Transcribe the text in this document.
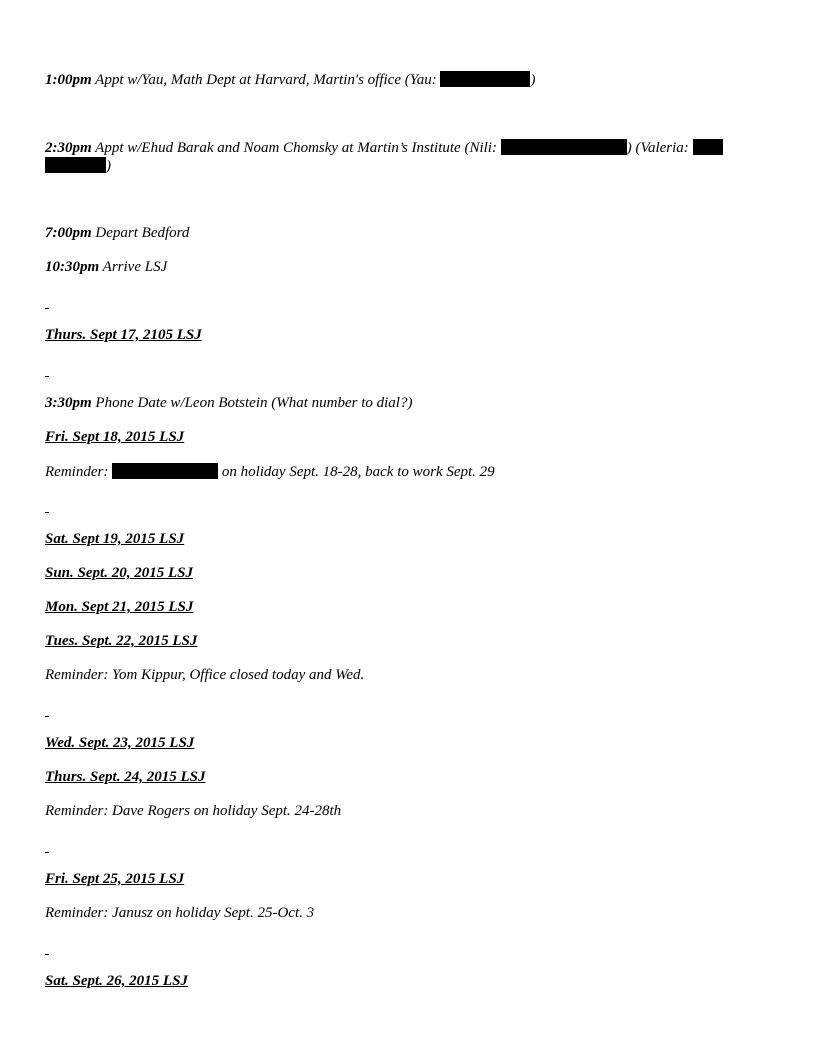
1:00pm Appt w/Yau, Math Dept at Harvard, Martin's office (Yau:	)
2:30pm Appt w/Ehud Barak and Noam Chomsky at Martin’s Institute (Nili:	) (Valeria:
)
7:00pm Depart Bedford
10:30pm Arrive LSJ
Thurs. Sept 17, 2105 LSJ
3:30pm Phone Date w/Leon Botstein (What number to dial?)
Fri. Sept 18, 2015 LSJ
Reminder:	on holiday Sept. 18-28, back to work Sept. 29
Sat. Sept 19, 2015 LSJ
Sun. Sept. 20, 2015 LSJ
Mon. Sept 21, 2015 LSJ
Tues. Sept. 22, 2015 LSJ
Reminder: Yom Kippur, Office closed today and Wed.
Wed. Sept. 23, 2015 LSJ
Thurs. Sept. 24, 2015 LSJ
Reminder: Dave Rogers on holiday Sept. 24-28th
Fri. Sept 25, 2015 LSJ
Reminder: Janusz on holiday Sept. 25-Oct. 3
Sat. Sept. 26, 2015 LSJ
